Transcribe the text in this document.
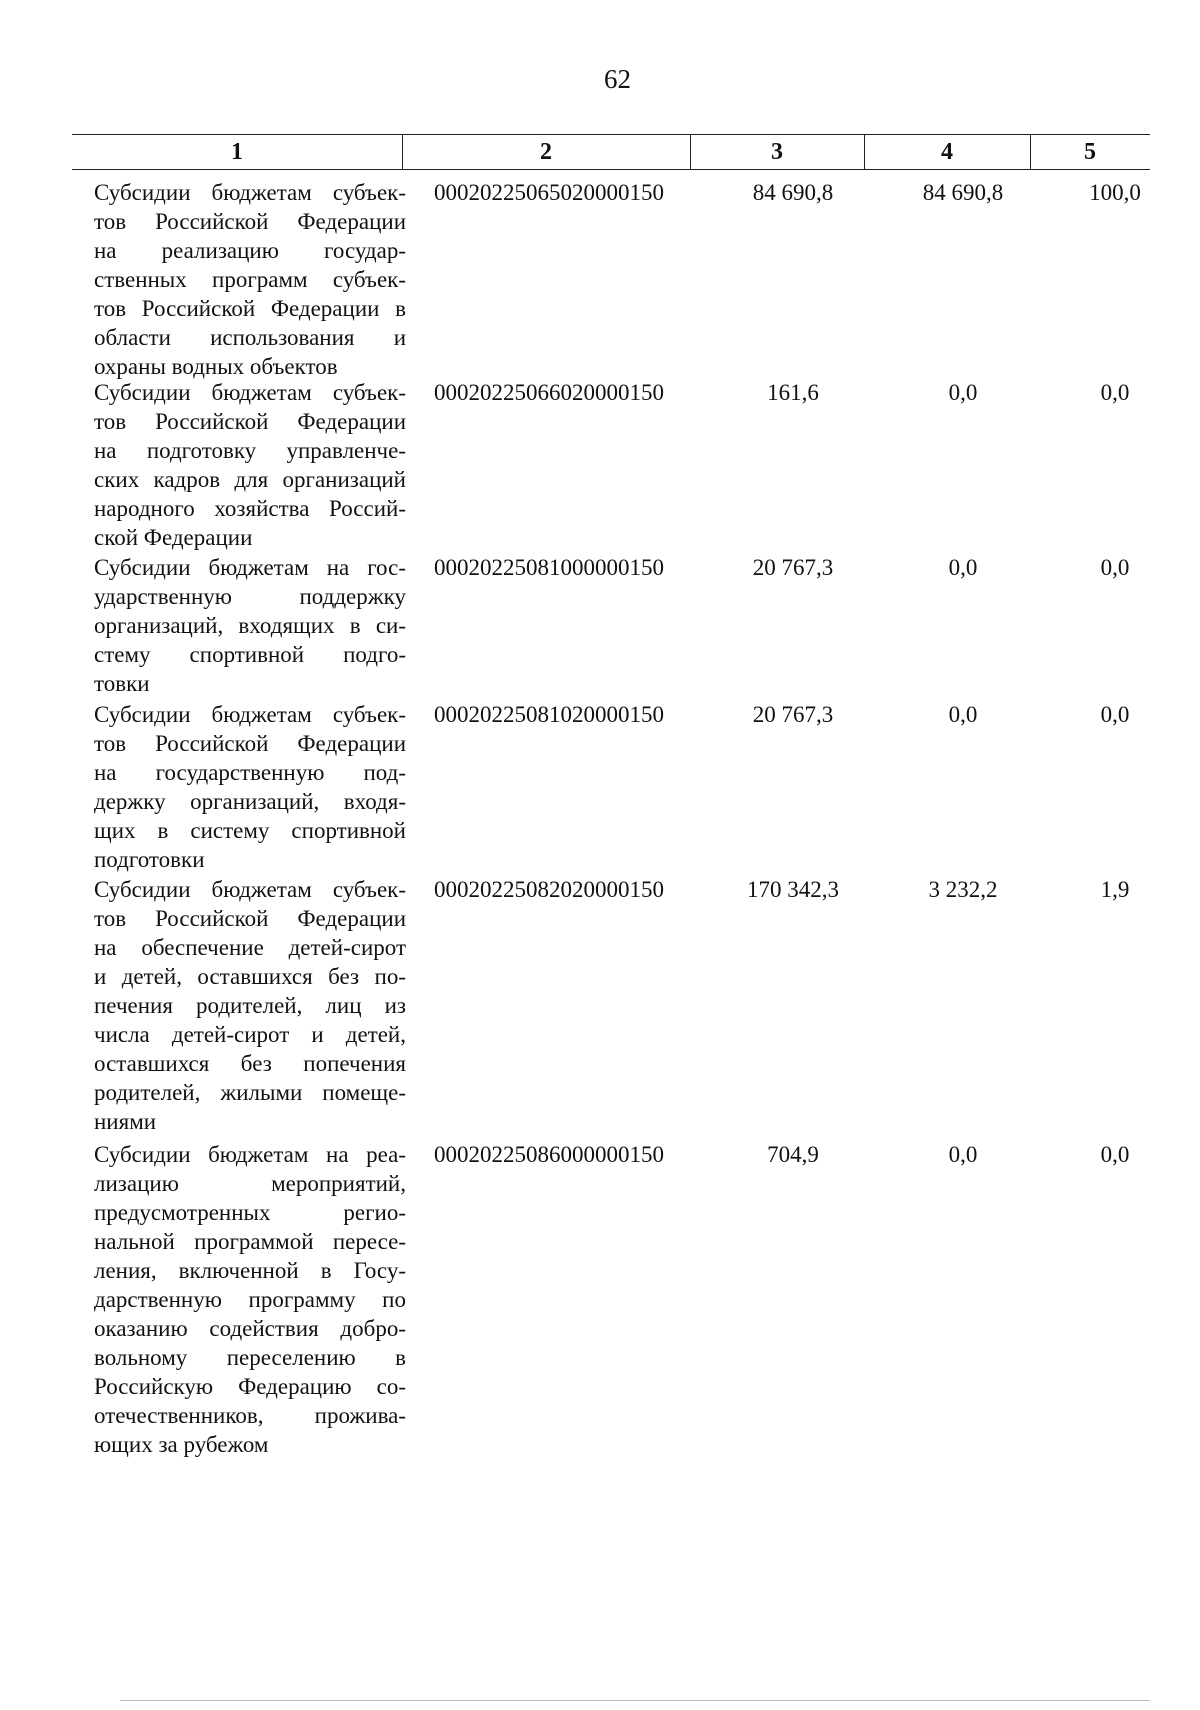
62
1	2	3	4	5
Субсидии бюджетам субъек-
тов Российской Федерации
на реализацию государ-
ственных программ субъек-
тов Российской Федерации в
области использования и
охраны водных объектов
00020225065020000150	84 690,8	84 690,8	100,0
Субсидии бюджетам субъек-
тов Российской Федерации
на подготовку управленче-
ских кадров для организаций
народного хозяйства Россий-
ской Федерации
00020225066020000150	161,6	0,0	0,0
Субсидии бюджетам на гос-
ударственную поддержку
организаций, входящих в си-
стему спортивной подго-
товки
00020225081000000150	20 767,3	0,0	0,0
Субсидии бюджетам субъек-
тов Российской Федерации
на государственную под-
держку организаций, входя-
щих в систему спортивной
подготовки
00020225081020000150	20 767,3	0,0	0,0
Субсидии бюджетам субъек-
тов Российской Федерации
на обеспечение детей-сирот
и детей, оставшихся без по-
печения родителей, лиц из
числа детей-сирот и детей,
оставшихся без попечения
родителей, жилыми помеще-
ниями
00020225082020000150	170 342,3	3 232,2	1,9
Субсидии бюджетам на реа-
лизацию мероприятий,
предусмотренных регио-
нальной программой пересе-
ления, включенной в Госу-
дарственную программу по
оказанию содействия добро-
вольному переселению в
Российскую Федерацию со-
отечественников, прожива-
ющих за рубежом
00020225086000000150	704,9	0,0	0,0
